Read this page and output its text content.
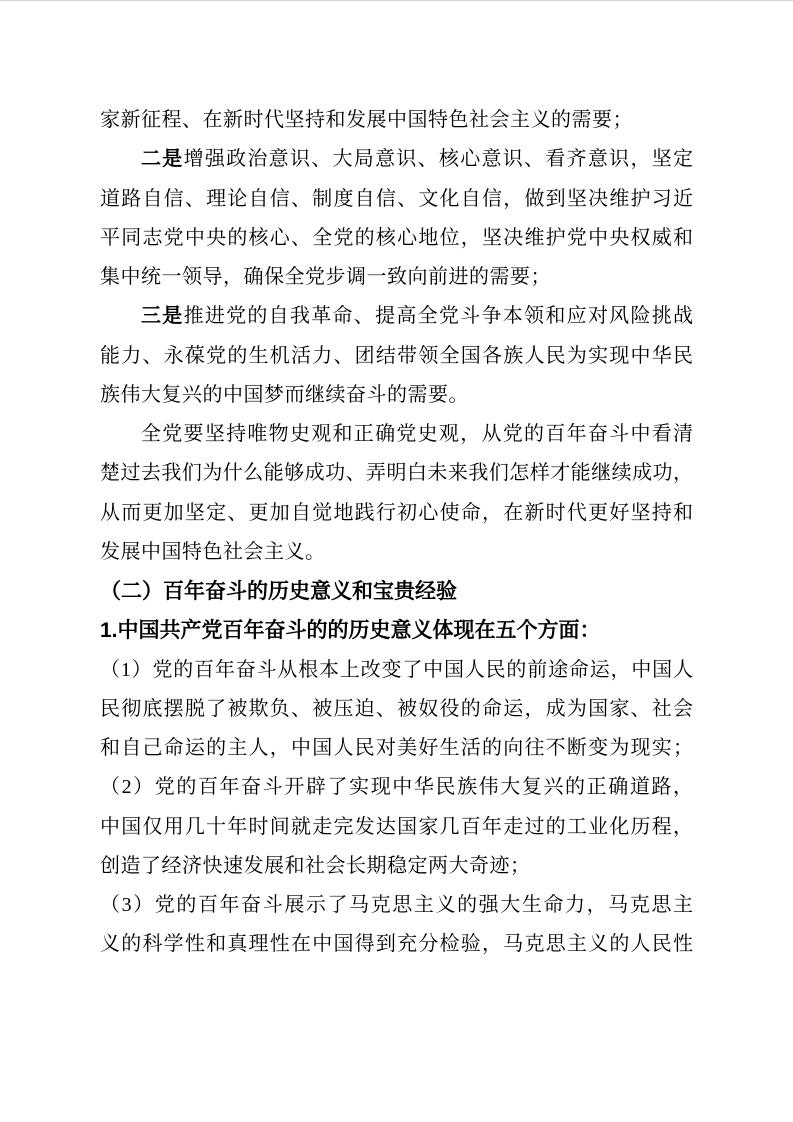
家新征程、在新时代坚持和发展中国特色社会主义的需要；
二是增强政治意识、大局意识、核心意识、看齐意识，坚定
道路自信、理论自信、制度自信、文化自信，做到坚决维护习近
平同志党中央的核心、全党的核心地位，坚决维护党中央权威和
集中统一领导，确保全党步调一致向前进的需要；
三是推进党的自我革命、提高全党斗争本领和应对风险挑战
能力、永葆党的生机活力、团结带领全国各族人民为实现中华民
族伟大复兴的中国梦而继续奋斗的需要。
全党要坚持唯物史观和正确党史观，从党的百年奋斗中看清
楚过去我们为什么能够成功、弄明白未来我们怎样才能继续成功，
从而更加坚定、更加自觉地践行初心使命，在新时代更好坚持和
发展中国特色社会主义。
（二）百年奋斗的历史意义和宝贵经验
1.中国共产党百年奋斗的的历史意义体现在五个方面：
（1）党的百年奋斗从根本上改变了中国人民的前途命运，中国人
民彻底摆脱了被欺负、被压迫、被奴役的命运，成为国家、社会
和自己命运的主人，中国人民对美好生活的向往不断变为现实；
（2）党的百年奋斗开辟了实现中华民族伟大复兴的正确道路，
中国仅用几十年时间就走完发达国家几百年走过的工业化历程，
创造了经济快速发展和社会长期稳定两大奇迹；
（3）党的百年奋斗展示了马克思主义的强大生命力，马克思主
义的科学性和真理性在中国得到充分检验，马克思主义的人民性
